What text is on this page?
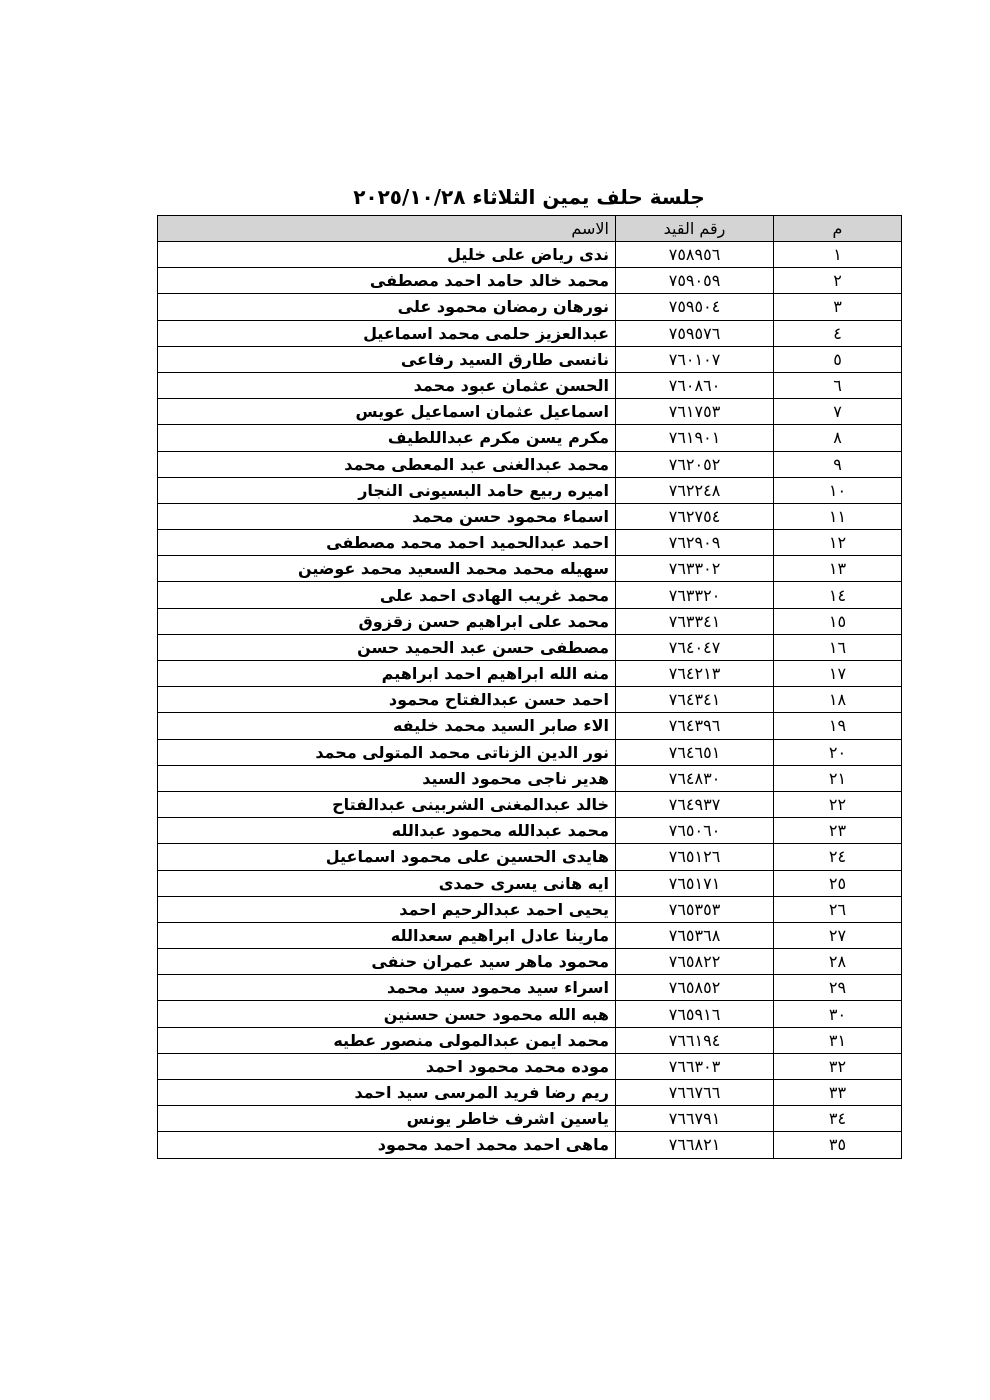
جلسة حلف يمين الثلاثاء ٢٠٢٥/١٠/٢٨
م	رقم القيد	الاسم
١	٧٥٨٩٥٦	ندى رياض على خليل
٢	٧٥٩٠٥٩	محمد خالد حامد احمد مصطفى
٣	٧٥٩٥٠٤	نورهان رمضان محمود على
٤	٧٥٩٥٧٦	عبدالعزيز حلمى محمد اسماعيل
٥	٧٦٠١٠٧	نانسى طارق السيد رفاعى
٦	٧٦٠٨٦٠	الحسن عثمان عبود محمد
٧	٧٦١٧٥٣	اسماعيل عثمان اسماعيل عويس
٨	٧٦١٩٠١	مكرم يسن مكرم عبداللطيف
٩	٧٦٢٠٥٢	محمد عبدالغنى عبد المعطى محمد
١٠	٧٦٢٢٤٨	اميره ربيع حامد البسيونى النجار
١١	٧٦٢٧٥٤	اسماء محمود حسن محمد
١٢	٧٦٢٩٠٩	احمد عبدالحميد احمد محمد مصطفى
١٣	٧٦٣٣٠٢	سهيله محمد محمد السعيد محمد عوضين
١٤	٧٦٣٣٢٠	محمد غريب الهادى احمد على
١٥	٧٦٣٣٤١	محمد على ابراهيم حسن زقزوق
١٦	٧٦٤٠٤٧	مصطفى حسن عبد الحميد حسن
١٧	٧٦٤٢١٣	منه الله ابراهيم احمد ابراهيم
١٨	٧٦٤٣٤١	احمد حسن عبدالفتاح محمود
١٩	٧٦٤٣٩٦	الاء صابر السيد محمد خليفه
٢٠	٧٦٤٦٥١	نور الدين الزناتى محمد المتولى محمد
٢١	٧٦٤٨٣٠	هدير ناجى محمود السيد
٢٢	٧٦٤٩٣٧	خالد عبدالمغنى الشربينى عبدالفتاح
٢٣	٧٦٥٠٦٠	محمد عبدالله محمود عبدالله
٢٤	٧٦٥١٢٦	هايدى الحسين على محمود اسماعيل
٢٥	٧٦٥١٧١	ايه هانى يسرى حمدى
٢٦	٧٦٥٣٥٣	يحيى احمد عبدالرحيم احمد
٢٧	٧٦٥٣٦٨	مارينا عادل ابراهيم سعدالله
٢٨	٧٦٥٨٢٢	محمود ماهر سيد عمران حنفى
٢٩	٧٦٥٨٥٢	اسراء سيد محمود سيد محمد
٣٠	٧٦٥٩١٦	هبه الله محمود حسن حسنين
٣١	٧٦٦١٩٤	محمد ايمن عبدالمولى منصور عطيه
٣٢	٧٦٦٣٠٣	موده محمد محمود احمد
٣٣	٧٦٦٧٦٦	ريم رضا فريد المرسى سيد احمد
٣٤	٧٦٦٧٩١	ياسين اشرف خاطر يونس
٣٥	٧٦٦٨٢١	ماهى احمد محمد احمد محمود
